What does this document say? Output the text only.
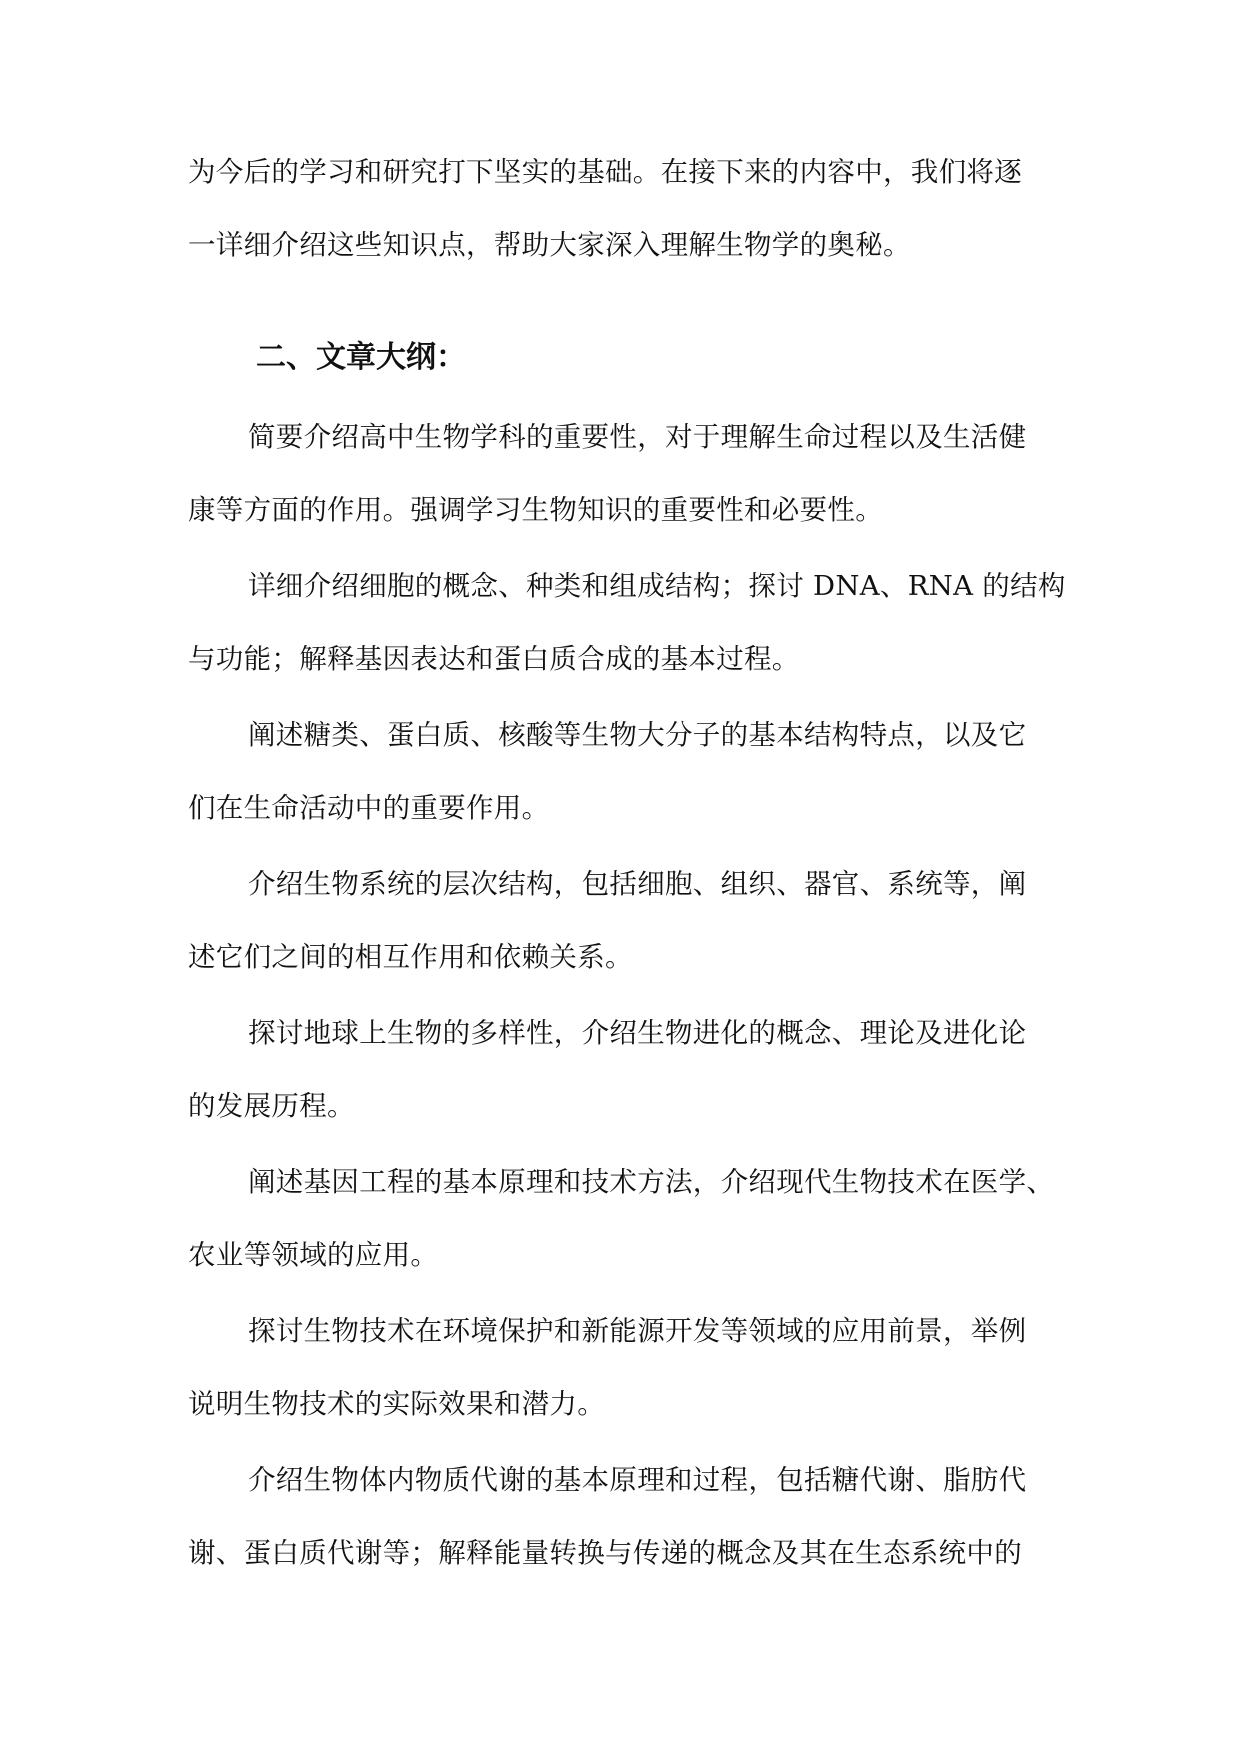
为今后的学习和研究打下坚实的基础。在接下来的内容中，我们将逐
一详细介绍这些知识点，帮助大家深入理解生物学的奥秘。
二、文章大纲：
简要介绍高中生物学科的重要性，对于理解生命过程以及生活健
康等方面的作用。强调学习生物知识的重要性和必要性。
详细介绍细胞的概念、种类和组成结构；探讨 DNA、RNA 的结构
与功能；解释基因表达和蛋白质合成的基本过程。
阐述糖类、蛋白质、核酸等生物大分子的基本结构特点，以及它
们在生命活动中的重要作用。
介绍生物系统的层次结构，包括细胞、组织、器官、系统等，阐
述它们之间的相互作用和依赖关系。
探讨地球上生物的多样性，介绍生物进化的概念、理论及进化论
的发展历程。
阐述基因工程的基本原理和技术方法，介绍现代生物技术在医学、
农业等领域的应用。
探讨生物技术在环境保护和新能源开发等领域的应用前景，举例
说明生物技术的实际效果和潜力。
介绍生物体内物质代谢的基本原理和过程，包括糖代谢、脂肪代
谢、蛋白质代谢等；解释能量转换与传递的概念及其在生态系统中的
